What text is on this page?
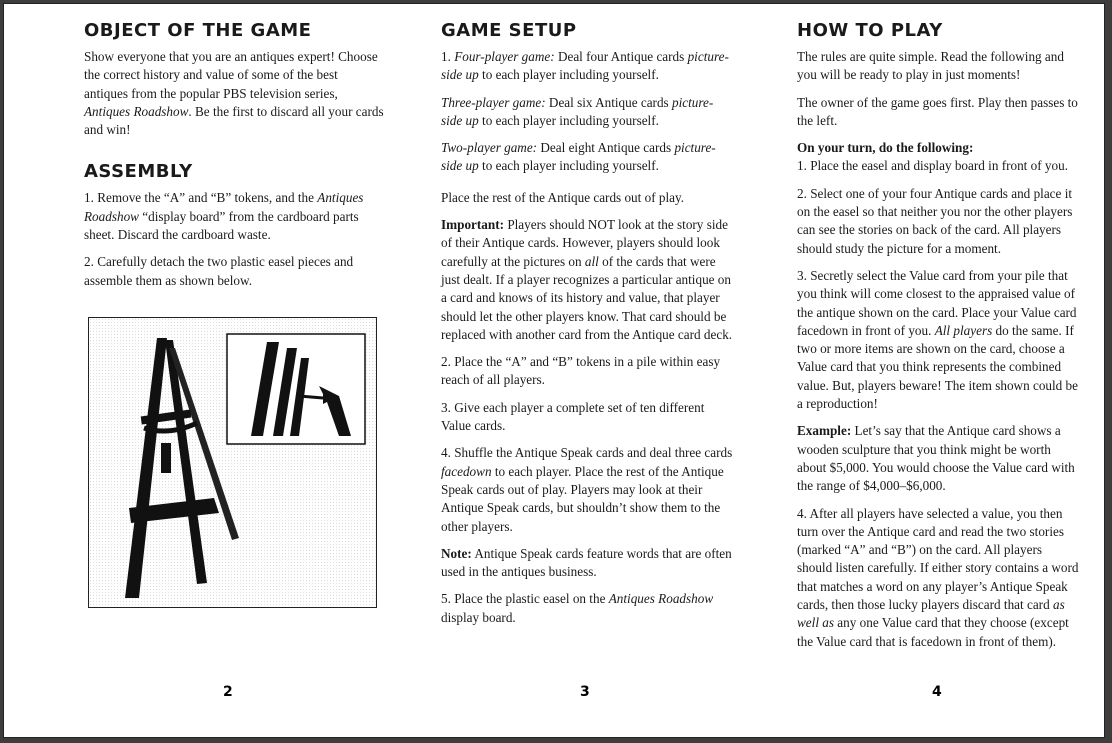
OBJECT OF THE GAME

Show everyone that you are an antiques expert! Choose the correct history and value of some of the best antiques from the popular PBS television series, Antiques Roadshow. Be the first to discard all your cards and win!

ASSEMBLY

1. Remove the “A” and “B” tokens, and the Antiques Roadshow “display board” from the cardboard parts sheet. Discard the cardboard waste.

2. Carefully detach the two plastic easel pieces and assemble them as shown below.

GAME SETUP

1. Four-player game: Deal four Antique cards picture-side up to each player including yourself.

Three-player game: Deal six Antique cards picture-side up to each player including yourself.

Two-player game: Deal eight Antique cards picture-side up to each player including yourself.

Place the rest of the Antique cards out of play.

Important: Players should NOT look at the story side of their Antique cards. However, players should look carefully at the pictures on all of the cards that were just dealt. If a player recognizes a particular antique on a card and knows of its history and value, that player should let the other players know. That card should be replaced with another card from the Antique card deck.

2. Place the “A” and “B” tokens in a pile within easy reach of all players.

3. Give each player a complete set of ten different Value cards.

4. Shuffle the Antique Speak cards and deal three cards facedown to each player. Place the rest of the Antique Speak cards out of play. Players may look at their Antique Speak cards, but shouldn’t show them to the other players.

Note: Antique Speak cards feature words that are often used in the antiques business.

5. Place the plastic easel on the Antiques Roadshow display board.

HOW TO PLAY

The rules are quite simple. Read the following and you will be ready to play in just moments!

The owner of the game goes first. Play then passes to the left.

On your turn, do the following:

1. Place the easel and display board in front of you.

2. Select one of your four Antique cards and place it on the easel so that neither you nor the other players can see the stories on back of the card. All players should study the picture for a moment.

3. Secretly select the Value card from your pile that you think will come closest to the appraised value of the antique shown on the card. Place your Value card facedown in front of you. All players do the same. If two or more items are shown on the card, choose a Value card that you think represents the combined value. But, players beware! The item shown could be a reproduction!

Example: Let’s say that the Antique card shows a wooden sculpture that you think might be worth about $5,000. You would choose the Value card with the range of $4,000–$6,000.

4. After all players have selected a value, you then turn over the Antique card and read the two stories (marked “A” and “B”) on the card. All players should listen carefully. If either story contains a word that matches a word on any player’s Antique Speak cards, then those lucky players discard that card as well as any one Value card that they choose (except the Value card that is facedown in front of them).

2	3	4
